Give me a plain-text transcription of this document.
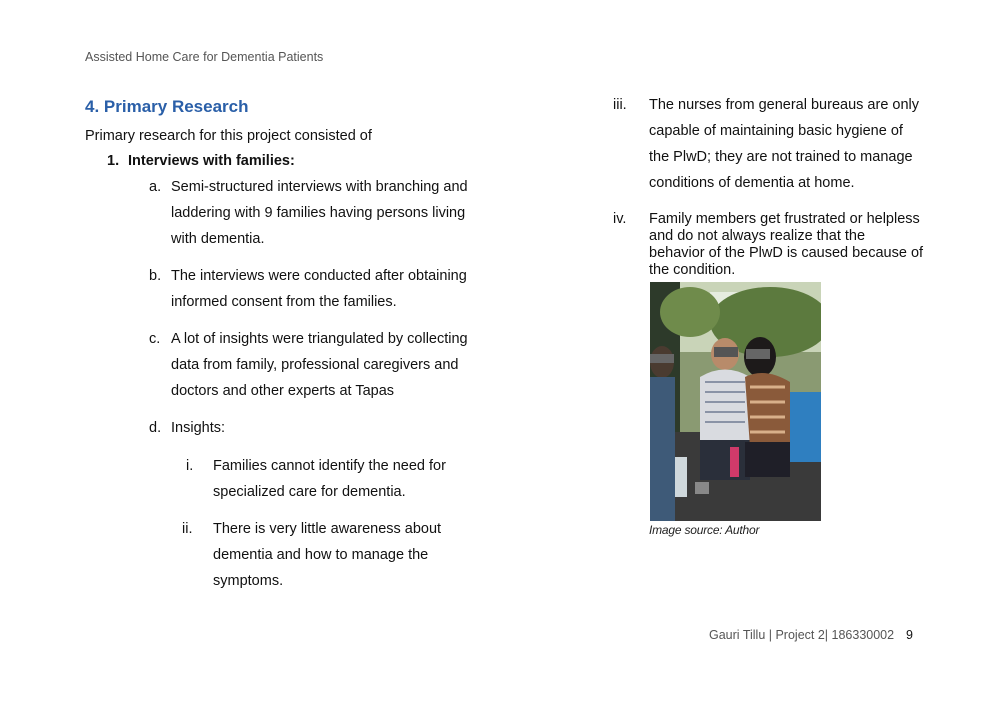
Assisted Home Care for Dementia Patients
4. Primary Research
Primary research for this project consisted of
1. Interviews with families:
a. Semi-structured interviews with branching and
laddering with 9 families having persons living
with dementia.
b. The interviews were conducted after obtaining
informed consent from the families.
c. A lot of insights were triangulated by collecting
data from family, professional caregivers and
doctors and other experts at Tapas
d. Insights:
i. Families cannot identify the need for
specialized care for dementia.
ii. There is very little awareness about
dementia and how to manage the
symptoms.
iii. The nurses from general bureaus are only
capable of maintaining basic hygiene of
the PlwD; they are not trained to manage
conditions of dementia at home.
iv. Family members get frustrated or helpless
and do not always realize that the
behavior of the PlwD is caused because of
the condition.
Image source: Author
Gauri Tillu | Project 2| 186330002 9
